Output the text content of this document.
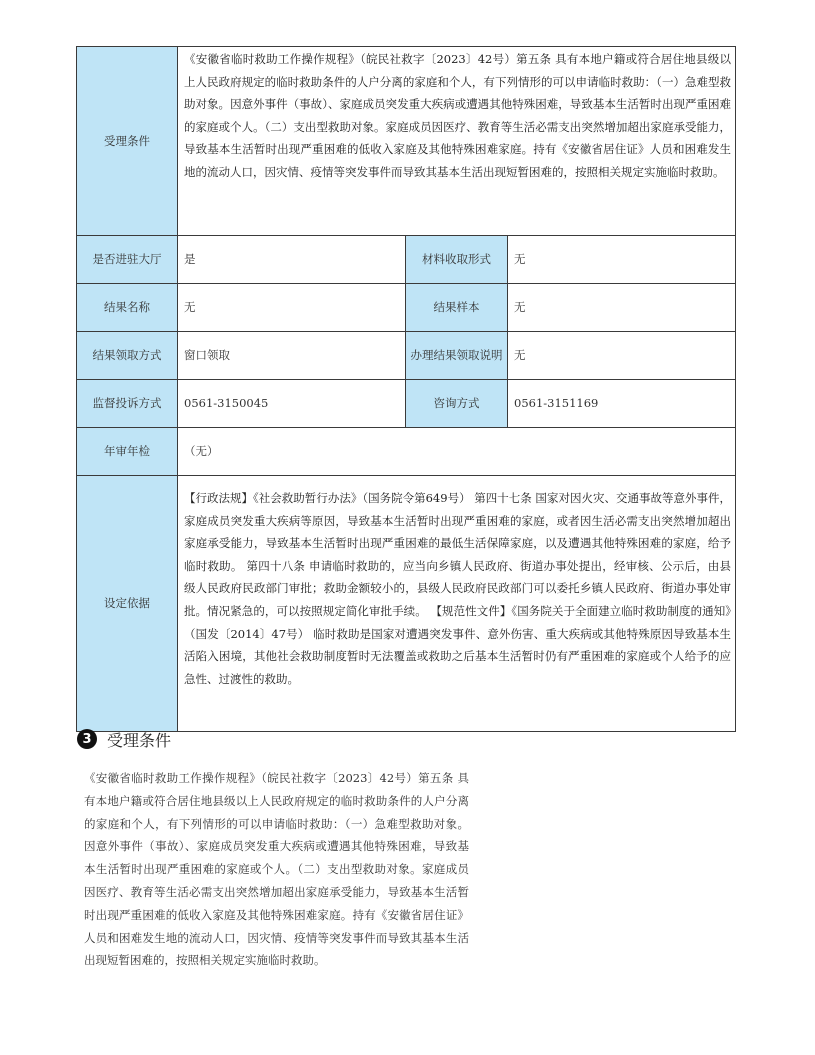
受理条件	《安徽省临时救助工作操作规程》（皖民社救字〔2023〕42号）第五条 具有本地户籍或符合居住地县级以上人民政府规定的临时救助条件的人户分离的家庭和个人，有下列情形的可以申请临时救助：（一）急难型救助对象。因意外事件（事故）、家庭成员突发重大疾病或遭遇其他特殊困难，导致基本生活暂时出现严重困难的家庭或个人。（二）支出型救助对象。家庭成员因医疗、教育等生活必需支出突然增加超出家庭承受能力，导致基本生活暂时出现严重困难的低收入家庭及其他特殊困难家庭。持有《安徽省居住证》人员和困难发生地的流动人口，因灾情、疫情等突发事件而导致其基本生活出现短暂困难的，按照相关规定实施临时救助。		
是否进驻大厅	是	材料收取形式	无
结果名称	无	结果样本	无
结果领取方式	窗口领取	办理结果领取说明	无
监督投诉方式	0561-3150045	咨询方式	0561-3151169
年审年检	（无）		
设定依据	【行政法规】《社会救助暂行办法》（国务院令第649号） 第四十七条 国家对因火灾、交通事故等意外事件，家庭成员突发重大疾病等原因，导致基本生活暂时出现严重困难的家庭，或者因生活必需支出突然增加超出家庭承受能力，导致基本生活暂时出现严重困难的最低生活保障家庭，以及遭遇其他特殊困难的家庭，给予临时救助。 第四十八条 申请临时救助的，应当向乡镇人民政府、街道办事处提出，经审核、公示后，由县级人民政府民政部门审批；救助金额较小的，县级人民政府民政部门可以委托乡镇人民政府、街道办事处审批。情况紧急的，可以按照规定简化审批手续。 【规范性文件】《国务院关于全面建立临时救助制度的通知》（国发〔2014〕47号） 临时救助是国家对遭遇突发事件、意外伤害、重大疾病或其他特殊原因导致基本生活陷入困境，其他社会救助制度暂时无法覆盖或救助之后基本生活暂时仍有严重困难的家庭或个人给予的应急性、过渡性的救助。		
3 受理条件
《安徽省临时救助工作操作规程》（皖民社救字〔2023〕42号）第五条 具有本地户籍或符合居住地县级以上人民政府规定的临时救助条件的人户分离的家庭和个人，有下列情形的可以申请临时救助：（一）急难型救助对象。因意外事件（事故）、家庭成员突发重大疾病或遭遇其他特殊困难，导致基本生活暂时出现严重困难的家庭或个人。（二）支出型救助对象。家庭成员因医疗、教育等生活必需支出突然增加超出家庭承受能力，导致基本生活暂时出现严重困难的低收入家庭及其他特殊困难家庭。持有《安徽省居住证》人员和困难发生地的流动人口，因灾情、疫情等突发事件而导致其基本生活出现短暂困难的，按照相关规定实施临时救助。
